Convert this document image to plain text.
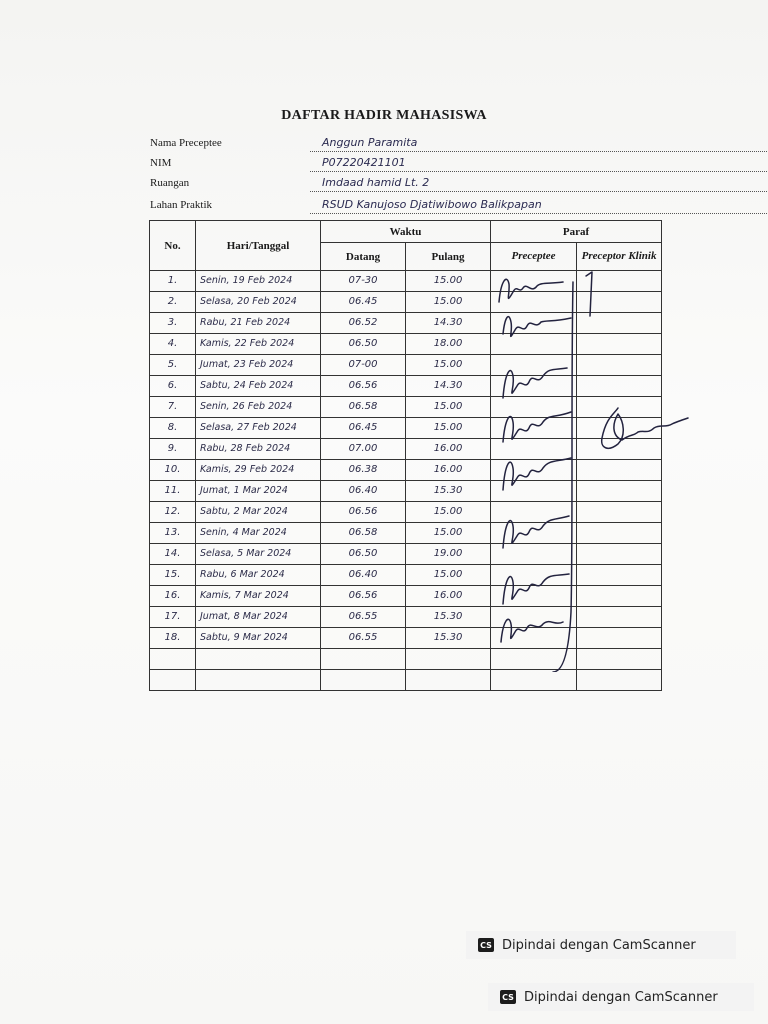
DAFTAR HADIR MAHASISWA
Nama Preceptee	Anggun Paramita
NIM	P07220421101
Ruangan	Imdaad hamid Lt. 2
Lahan Praktik	RSUD Kanujoso Djatiwibowo Balikpapan
No.	Hari/Tanggal	Waktu		Paraf	
		Datang	Pulang	Preceptee	Preceptor Klinik
1.	Senin, 19 Feb 2024	07-30	15.00		
2.	Selasa, 20 Feb 2024	06.45	15.00		
3.	Rabu, 21 Feb 2024	06.52	14.30		
4.	Kamis, 22 Feb 2024	06.50	18.00		
5.	Jumat, 23 Feb 2024	07-00	15.00		
6.	Sabtu, 24 Feb 2024	06.56	14.30		
7.	Senin, 26 Feb 2024	06.58	15.00		
8.	Selasa, 27 Feb 2024	06.45	15.00		
9.	Rabu, 28 Feb 2024	07.00	16.00		
10.	Kamis, 29 Feb 2024	06.38	16.00		
11.	Jumat, 1 Mar 2024	06.40	15.30		
12.	Sabtu, 2 Mar 2024	06.56	15.00		
13.	Senin, 4 Mar 2024	06.58	15.00		
14.	Selasa, 5 Mar 2024	06.50	19.00		
15.	Rabu, 6 Mar 2024	06.40	15.00		
16.	Kamis, 7 Mar 2024	06.56	16.00		
17.	Jumat, 8 Mar 2024	06.55	15.30		
18.	Sabtu, 9 Mar 2024	06.55	15.30		

CS Dipindai dengan CamScanner
CS Dipindai dengan CamScanner
